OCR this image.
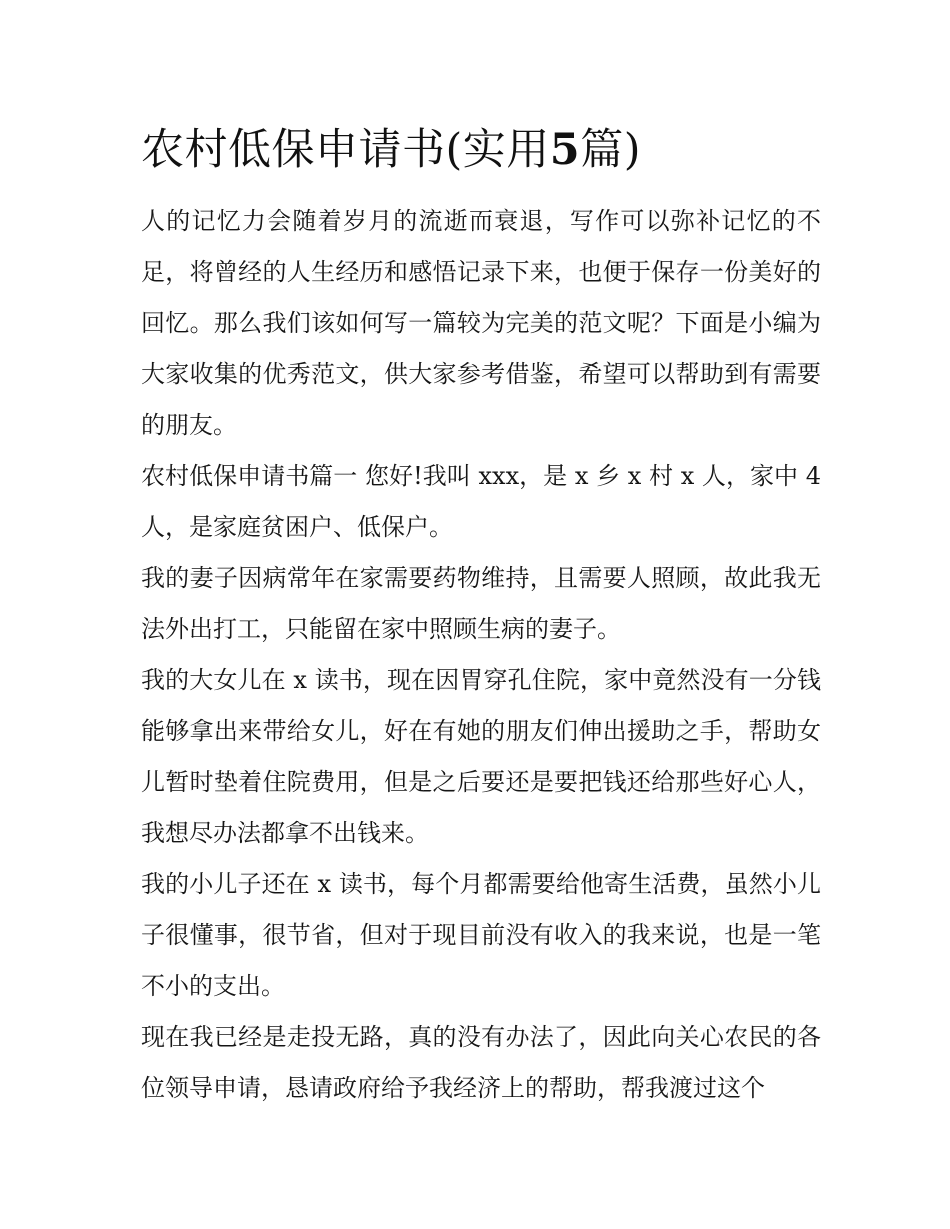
农村低保申请书(实用5篇)

人的记忆力会随着岁月的流逝而衰退，写作可以弥补记忆的不足，将曾经的人生经历和感悟记录下来，也便于保存一份美好的回忆。那么我们该如何写一篇较为完美的范文呢？下面是小编为大家收集的优秀范文，供大家参考借鉴，希望可以帮助到有需要的朋友。

农村低保申请书篇一 您好!我叫 xxx，是 x 乡 x 村 x 人，家中 4 人，是家庭贫困户、低保户。

我的妻子因病常年在家需要药物维持，且需要人照顾，故此我无法外出打工，只能留在家中照顾生病的妻子。

我的大女儿在 x 读书，现在因胃穿孔住院，家中竟然没有一分钱能够拿出来带给女儿，好在有她的朋友们伸出援助之手，帮助女儿暂时垫着住院费用，但是之后要还是要把钱还给那些好心人，我想尽办法都拿不出钱来。

我的小儿子还在 x 读书，每个月都需要给他寄生活费，虽然小儿子很懂事，很节省，但对于现目前没有收入的我来说，也是一笔不小的支出。

现在我已经是走投无路，真的没有办法了，因此向关心农民的各位领导申请，恳请政府给予我经济上的帮助，帮我渡过这个
